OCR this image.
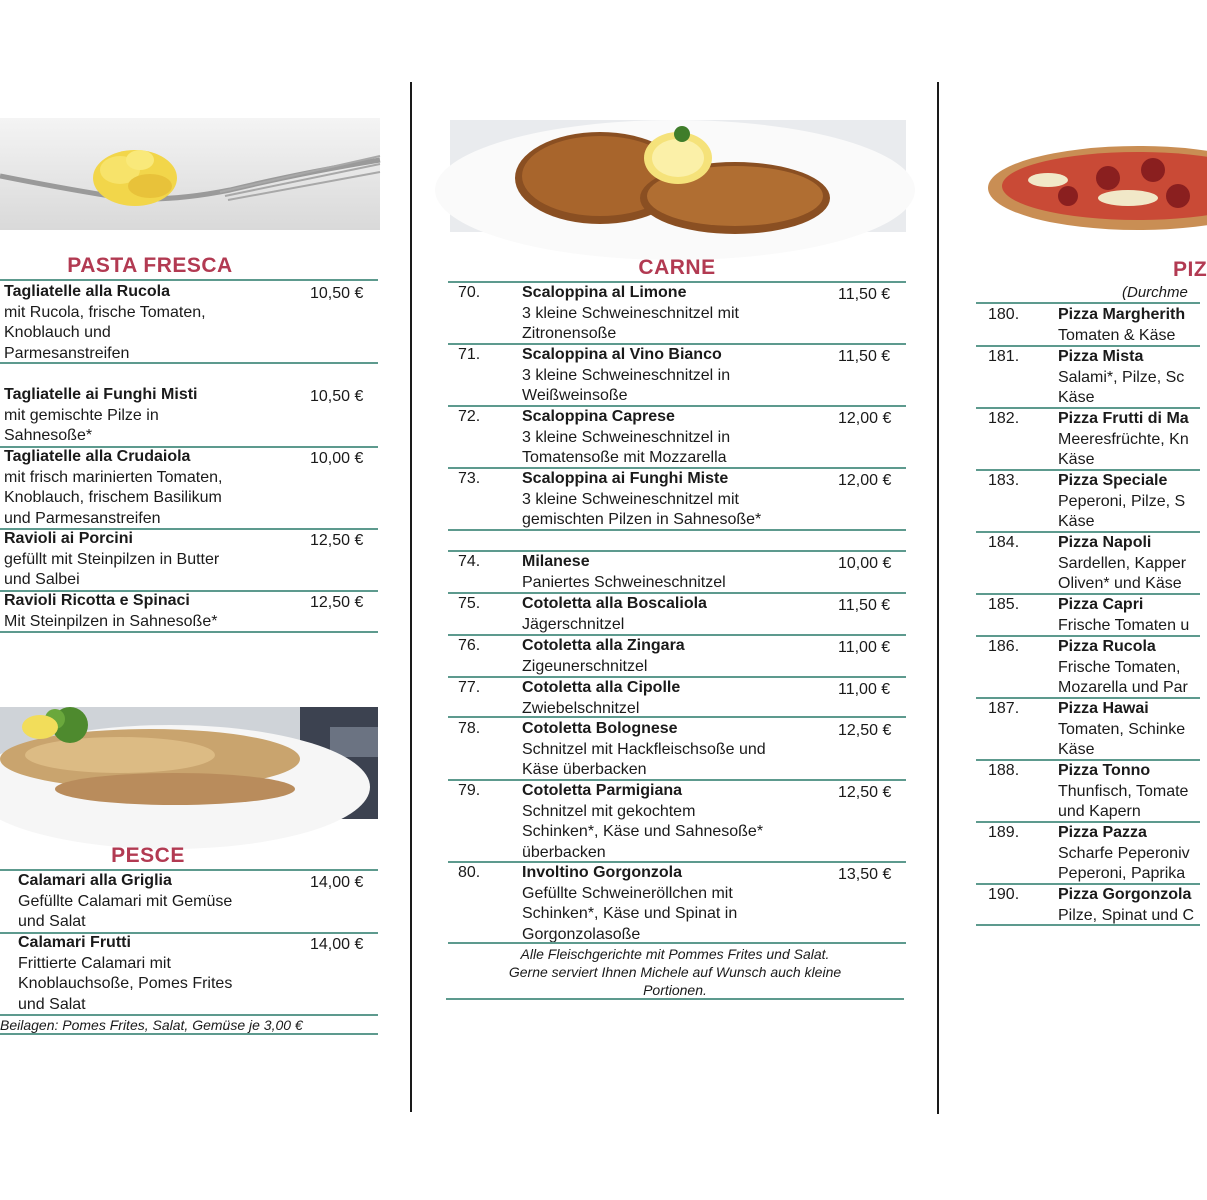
PASTA FRESCA
Tagliatelle alla Rucola
mit Rucola, frische Tomaten,
Knoblauch und
Parmesanstreifen
10,50 €
Tagliatelle ai Funghi Misti
mit gemischte Pilze in
Sahnesoße*
10,50 €
Tagliatelle alla Crudaiola
mit frisch marinierten Tomaten,
Knoblauch, frischem Basilikum
und Parmesanstreifen
10,00 €
Ravioli ai Porcini
gefüllt mit Steinpilzen in Butter
und Salbei
12,50 €
Ravioli Ricotta e Spinaci
Mit Steinpilzen in Sahnesoße*
12,50 €
PESCE
Calamari alla Griglia
Gefüllte Calamari mit Gemüse
und Salat
14,00 €
Calamari Frutti
Frittierte Calamari mit
Knoblauchsoße, Pomes Frites
und Salat
14,00 €
Beilagen: Pomes Frites, Salat, Gemüse je 3,00 €
CARNE
70.	Scaloppina al Limone
3 kleine Schweineschnitzel mit
Zitronensoße
11,50 €
71.	Scaloppina al Vino Bianco
3 kleine Schweineschnitzel in
Weißweinsoße
11,50 €
72.	Scaloppina Caprese
3 kleine Schweineschnitzel in
Tomatensoße mit Mozzarella
12,00 €
73.	Scaloppina ai Funghi Miste
3 kleine Schweineschnitzel mit
gemischten Pilzen in Sahnesoße*
12,00 €
74.	Milanese
Paniertes Schweineschnitzel
10,00 €
75.	Cotoletta alla Boscaliola
Jägerschnitzel
11,50 €
76.	Cotoletta alla Zingara
Zigeunerschnitzel
11,00 €
77.	Cotoletta alla Cipolle
Zwiebelschnitzel
11,00 €
78.	Cotoletta Bolognese
Schnitzel mit Hackfleischsoße und
Käse überbacken
12,50 €
79.	Cotoletta Parmigiana
Schnitzel mit gekochtem
Schinken*, Käse und Sahnesoße*
überbacken
12,50 €
80.	Involtino Gorgonzola
Gefüllte Schweineröllchen mit
Schinken*, Käse und Spinat in
Gorgonzolasoße
13,50 €
Alle Fleischgerichte mit Pommes Frites und Salat.
Gerne serviert Ihnen Michele auf Wunsch auch kleine
Portionen.
PIZ
(Durchme
180. Pizza Margherith
Tomaten & Käse
181. Pizza Mista
Salami*, Pilze, Sc
Käse
182. Pizza Frutti di Ma
Meeresfrüchte, Kn
Käse
183. Pizza Speciale
Peperoni, Pilze, S
Käse
184. Pizza Napoli
Sardellen, Kapper
Oliven* und Käse
185. Pizza Capri
Frische Tomaten u
186. Pizza Rucola
Frische Tomaten,
Mozarella und Par
187. Pizza Hawai
Tomaten, Schinke
Käse
188. Pizza Tonno
Thunfisch, Tomate
und Kapern
189. Pizza Pazza
Scharfe Peperoniv
Peperoni, Paprika
190. Pizza Gorgonzola
Pilze, Spinat und C
